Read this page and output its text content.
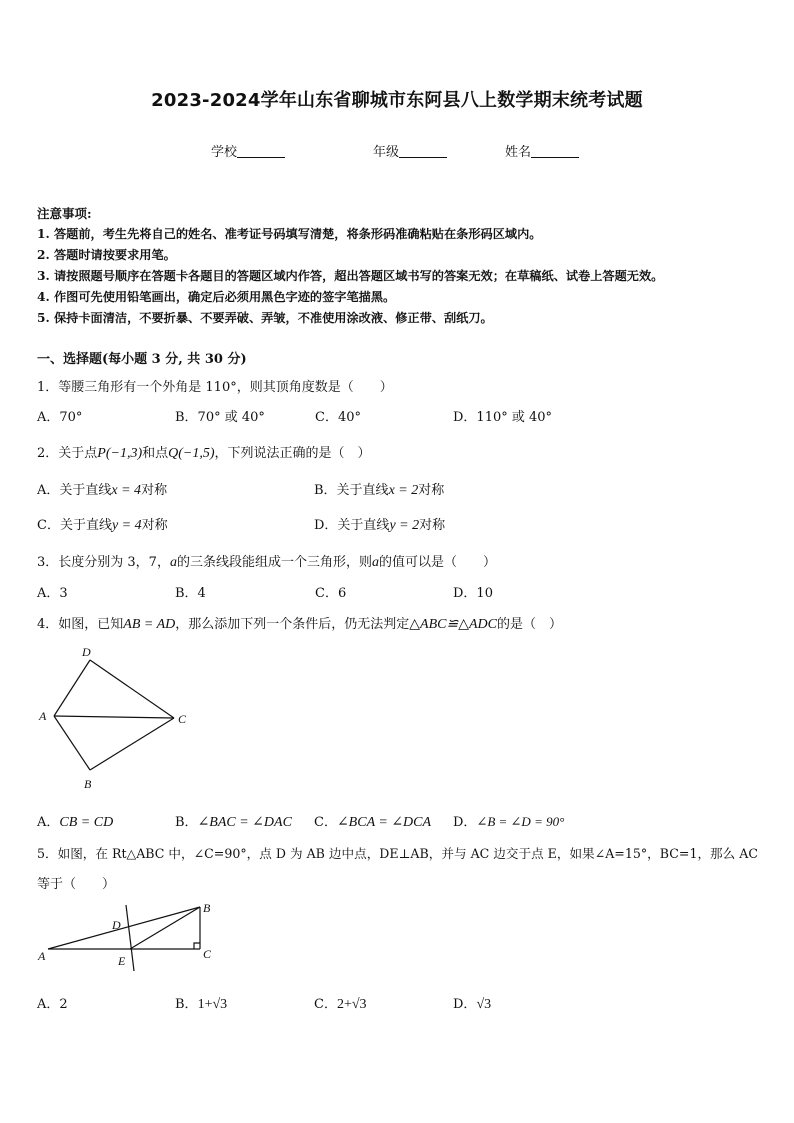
2023-2024学年山东省聊城市东阿县八上数学期末统考试题
学校	年级	姓名
注意事项:
1. 答题前，考生先将自己的姓名、准考证号码填写清楚，将条形码准确粘贴在条形码区域内。
2. 答题时请按要求用笔。
3. 请按照题号顺序在答题卡各题目的答题区域内作答，超出答题区域书写的答案无效；在草稿纸、试卷上答题无效。
4. 作图可先使用铅笔画出，确定后必须用黑色字迹的签字笔描黑。
5. 保持卡面清洁，不要折暴、不要弄破、弄皱，不准使用涂改液、修正带、刮纸刀。
一、选择题(每小题 3 分, 共 30 分)
1．等腰三角形有一个外角是 110°，则其顶角度数是（　　）
A．70°	B．70° 或 40°	C．40°	D．110° 或 40°
2．关于点P(−1,3)和点Q(−1,5)，下列说法正确的是（　）
A．关于直线x = 4对称	B．关于直线x = 2对称
C．关于直线y = 4对称	D．关于直线y = 2对称
3．长度分别为 3，7，a的三条线段能组成一个三角形，则a的值可以是（　　）
A．3	B．4	C．6	D．10
4．如图，已知AB = AD，那么添加下列一个条件后，仍无法判定△ABC≌△ADC的是（　）
D
A	C
B
A．CB = CD	B．∠BAC = ∠DAC C．∠BCA = ∠DCA D．∠B = ∠D = 90°
5．如图，在 Rt△ABC 中，∠C=90°，点 D 为 AB 边中点，DE⊥AB，并与 AC 边交于点 E，如果∠A=15°，BC=1，那么 AC
等于（　　）
A
B
C
D
E
A．2	B．1+√3	C．2+√3	D．√3
